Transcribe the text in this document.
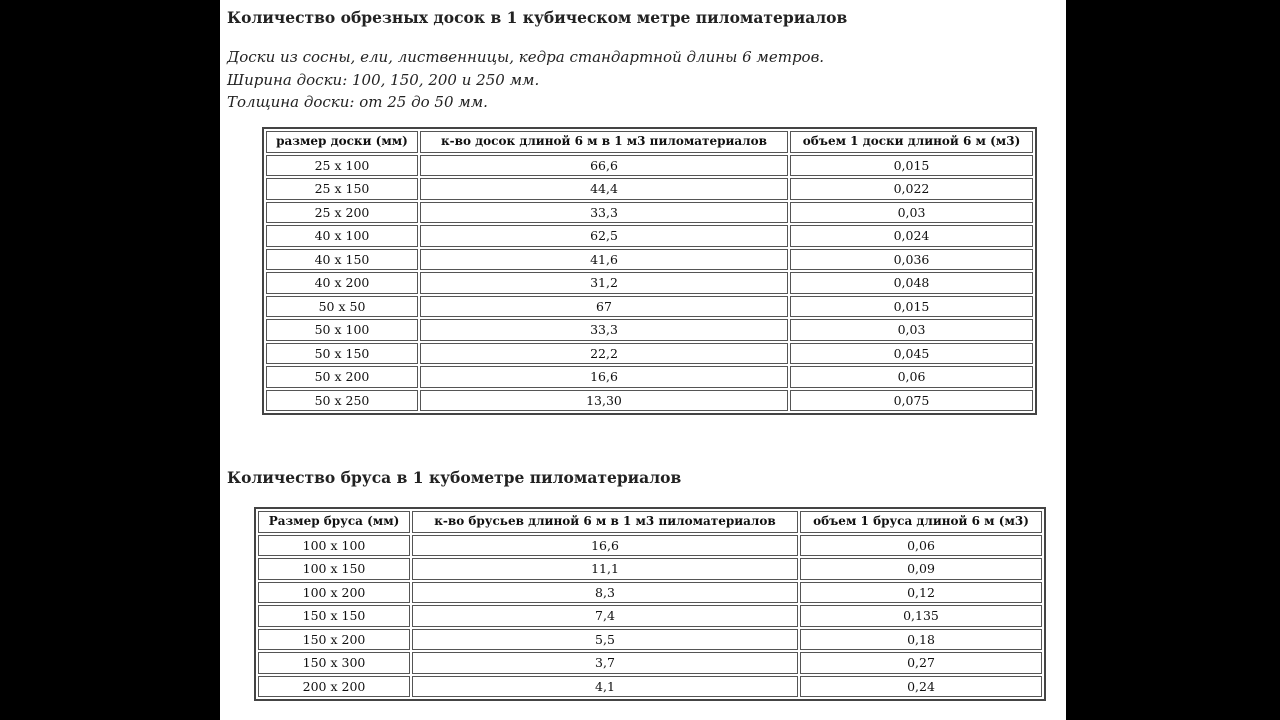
Количество обрезных досок в 1 кубическом метре пиломатериалов
Доски из сосны, ели, лиственницы, кедра стандартной длины 6 метров.
Ширина доски: 100, 150, 200 и 250 мм.
Толщина доски: от 25 до 50 мм.
размер доски (мм)	к-во досок длиной 6 м в 1 м3 пиломатериалов	объем 1 доски длиной 6 м (м3)
25 х 100	66,6	0,015
25 х 150	44,4	0,022
25 х 200	33,3	0,03
40 х 100	62,5	0,024
40 х 150	41,6	0,036
40 х 200	31,2	0,048
50 х 50	67	0,015
50 х 100	33,3	0,03
50 х 150	22,2	0,045
50 х 200	16,6	0,06
50 х 250	13,30	0,075
Количество бруса в 1 кубометре пиломатериалов
Размер бруса (мм)	к-во брусьев длиной 6 м в 1 м3 пиломатериалов	объем 1 бруса длиной 6 м (м3)
100 х 100	16,6	0,06
100 х 150	11,1	0,09
100 х 200	8,3	0,12
150 х 150	7,4	0,135
150 х 200	5,5	0,18
150 х 300	3,7	0,27
200 х 200	4,1	0,24
